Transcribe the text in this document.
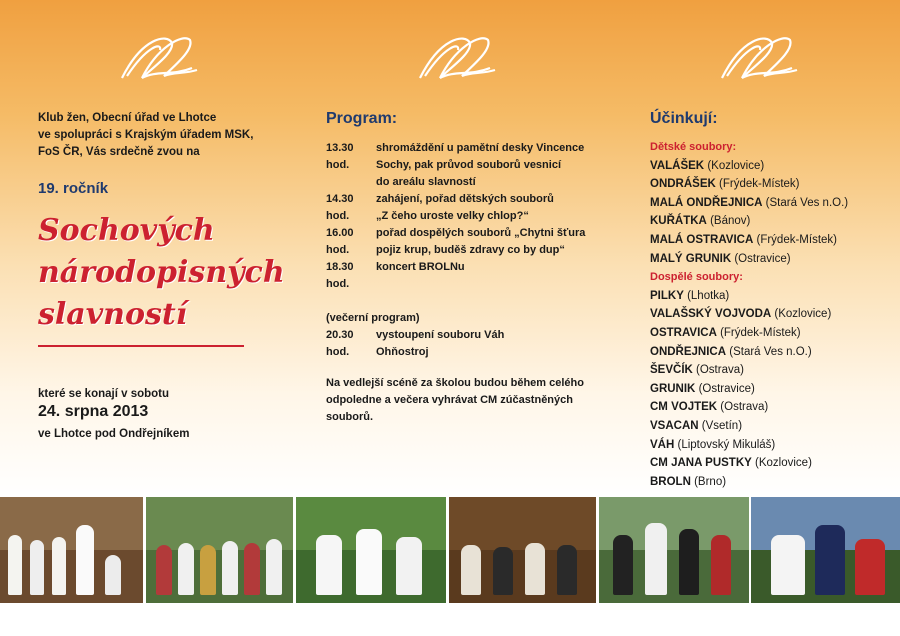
Klub žen, Obecní úřad ve Lhotce
ve spolupráci s Krajským úřadem MSK,
FoS ČR, Vás srdečně zvou na
19. ročník
Sochových
národopisných
slavností
které se konají v sobotu
24. srpna 2013
ve Lhotce pod Ondřejníkem
Program:
13.30 hod.
shromáždění u pamětní desky Vincence
Sochy, pak průvod souborů vesnicí
do areálu slavností
14.30 hod.
zahájení, pořad dětských souborů
„Z čeho uroste velky chlop?“
16.00 hod.
pořad dospělých souborů „Chytni šťura
pojiz krup, buděš zdravy co by dup“
18.30 hod.
koncert BROLNu
(večerní program)
20.30 hod.
vystoupení souboru Váh
Ohňostroj
Na vedlejší scéně za školou budou během celého odpoledne a večera vyhrávat CM zúčastněných souborů.
Účinkují:
Dětské soubory:
VALÁŠEK (Kozlovice)
ONDRÁŠEK (Frýdek-Místek)
MALÁ ONDŘEJNICA (Stará Ves n.O.)
KUŘÁTKA (Bánov)
MALÁ OSTRAVICA (Frýdek-Místek)
MALÝ GRUNIK (Ostravice)
Dospělé soubory:
PILKY (Lhotka)
VALAŠSKÝ VOJVODA (Kozlovice)
OSTRAVICA (Frýdek-Místek)
ONDŘEJNICA (Stará Ves n.O.)
ŠEVČÍK (Ostrava)
GRUNIK (Ostravice)
CM VOJTEK (Ostrava)
VSACAN (Vsetín)
VÁH (Liptovský Mikuláš)
CM JANA PUSTKY (Kozlovice)
BROLN (Brno)
